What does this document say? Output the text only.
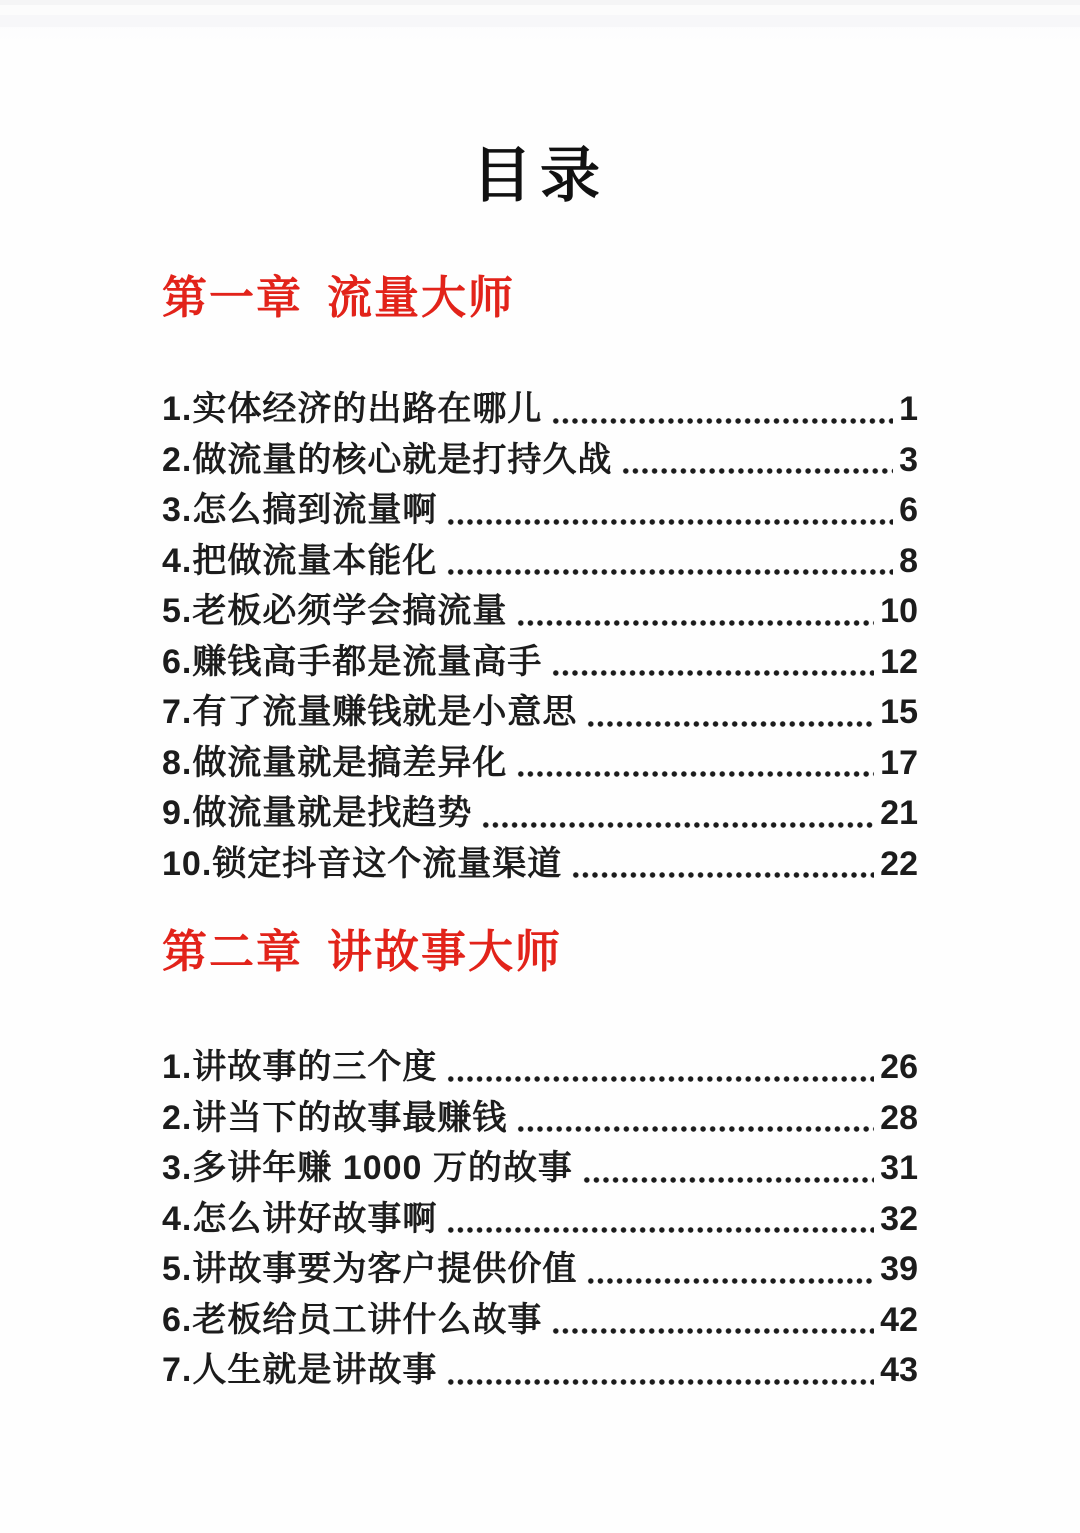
目录
第一章 流量大师
1.实体经济的出路在哪儿	1
2.做流量的核心就是打持久战	3
3.怎么搞到流量啊	6
4.把做流量本能化	8
5.老板必须学会搞流量	10
6.赚钱高手都是流量高手	12
7.有了流量赚钱就是小意思	15
8.做流量就是搞差异化	17
9.做流量就是找趋势	21
10.锁定抖音这个流量渠道	22
第二章 讲故事大师
1.讲故事的三个度	26
2.讲当下的故事最赚钱	28
3.多讲年赚 1000 万的故事	31
4.怎么讲好故事啊	32
5.讲故事要为客户提供价值	39
6.老板给员工讲什么故事	42
7.人生就是讲故事	43
